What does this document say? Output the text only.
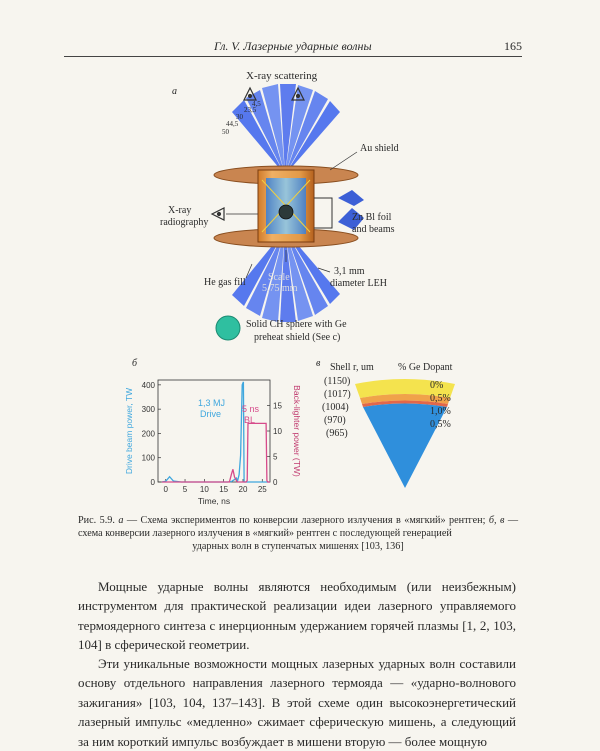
Гл. V. Лазерные ударные волны	165
а
X-ray scattering
50
44,5
30
23,5
4,5
Au shield
X-ray
radiography	Zn Bl foil
and beams
He gas fill Scale
5,75 mm
3,1 mm
diameter LEH
Solid CH sphere with Ge
preheat shield (See c)
б
0 5 10 15 20 25
0
100
200
300
400
0
5
10
15
Time, ns
Drive beam power, TW	Back-lighter power (TW)
1,3 MJ
Drive 5 ns
BL
в Shell r, um % Ge Dopant
(1150)
(1017)
(1004)
(970)
(965)
0%
0,5%
1,0%
0,5%
Рис. 5.9. а — Схема экспериментов по конверсии лазерного излучения в «мягкий» рентген; б, в — схема конверсии лазерного излучения в «мягкий» рентген с последующей генерацией
ударных волн в ступенчатых мишенях [103, 136]
Мощные ударные волны являются необходимым (или неизбежным) инструментом для практической реализации идеи лазерного управляемого термоядерного синтеза с инерционным удержанием горячей плазмы [1, 2, 103, 104] в сферической геометрии.
Эти уникальные возможности мощных лазерных ударных волн составили основу отдельного направления лазерного термояда — «ударно-волнового зажигания» [103, 104, 137–143]. В этой схеме один высокоэнергетический лазерный импульс «медленно» сжимает сферическую мишень, а следующий за ним короткий импульс возбуждает в мишени вторую — более мощную
